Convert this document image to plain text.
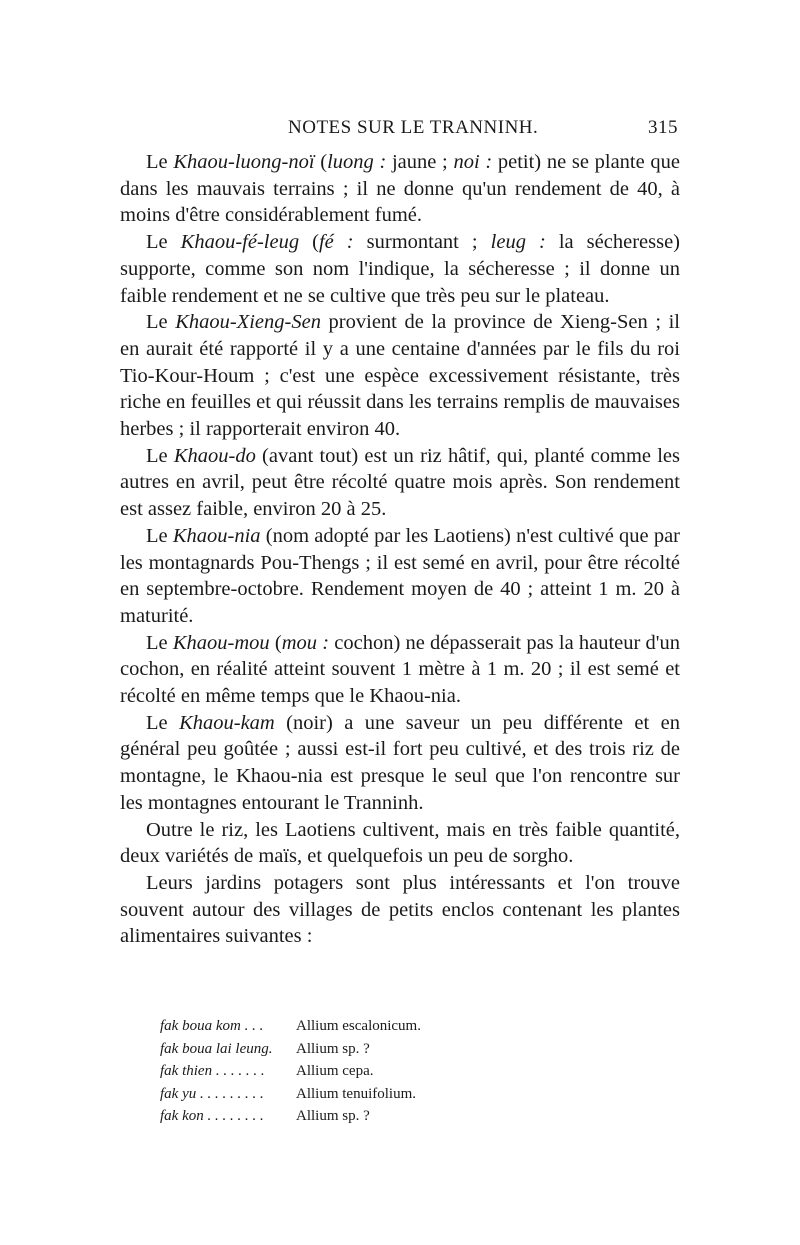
NOTES SUR LE TRANNINH.	315

Le Khaou-luong-noï (luong : jaune ; noi : petit) ne se plante que dans les mauvais terrains ; il ne donne qu'un rendement de 40, à moins d'être considérablement fumé.

Le Khaou-fé-leug (fé : surmontant ; leug : la sécheresse) supporte, comme son nom l'indique, la sécheresse ; il donne un faible rendement et ne se cultive que très peu sur le plateau.

Le Khaou-Xieng-Sen provient de la province de Xieng-Sen ; il en aurait été rapporté il y a une centaine d'années par le fils du roi Tio-Kour-Houm ; c'est une espèce excessivement résistante, très riche en feuilles et qui réussit dans les terrains remplis de mauvaises herbes ; il rapporterait environ 40.

Le Khaou-do (avant tout) est un riz hâtif, qui, planté comme les autres en avril, peut être récolté quatre mois après. Son rendement est assez faible, environ 20 à 25.

Le Khaou-nia (nom adopté par les Laotiens) n'est cultivé que par les montagnards Pou-Thengs ; il est semé en avril, pour être récolté en septembre-octobre. Rendement moyen de 40 ; atteint 1 m. 20 à maturité.

Le Khaou-mou (mou : cochon) ne dépasserait pas la hauteur d'un cochon, en réalité atteint souvent 1 mètre à 1 m. 20 ; il est semé et récolté en même temps que le Khaou-nia.

Le Khaou-kam (noir) a une saveur un peu différente et en général peu goûtée ; aussi est-il fort peu cultivé, et des trois riz de montagne, le Khaou-nia est presque le seul que l'on rencontre sur les montagnes entourant le Tranninh.

Outre le riz, les Laotiens cultivent, mais en très faible quantité, deux variétés de maïs, et quelquefois un peu de sorgho.

Leurs jardins potagers sont plus intéressants et l'on trouve souvent autour des villages de petits enclos contenant les plantes alimentaires suivantes :

fak boua kom . . .	Allium escalonicum.
fak boua lai leung.	Allium sp. ?
fak thien . . . . . . .	Allium cepa.
fak yu . . . . . . . . .	Allium tenuifolium.
fak kon . . . . . . . .	Allium sp. ?
